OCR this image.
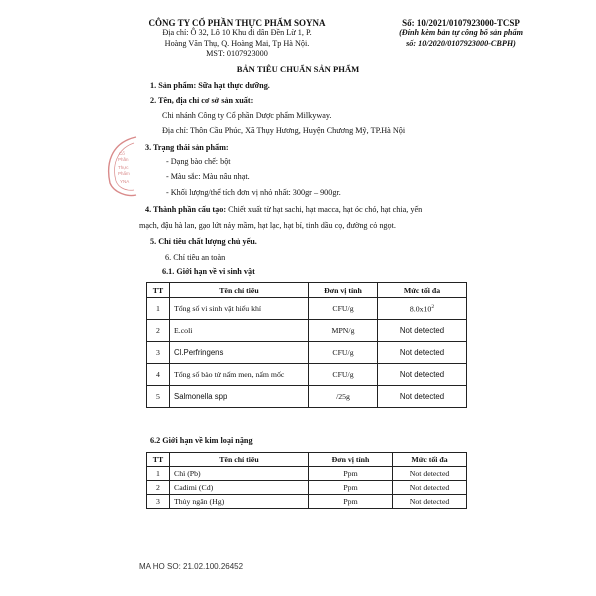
CÔNG TY CỔ PHẦN THỰC PHẨM SOYNA
Địa chỉ: Ô 32, Lô 10 Khu đi dân Đền Lừ 1, P.
Hoàng Văn Thụ, Q. Hoàng Mai, Tp Hà Nội.
MST: 0107923000
Số: 10/2021/0107923000-TCSP
(Đính kèm bản tự công bố sản phẩm
số: 10/2020/0107923000-CBPH)
BẢN TIÊU CHUẨN SẢN PHẨM
Cổ
Phần
Thực
Phẩm
YNA
1. Sản phẩm: Sữa hạt thực dưỡng.
2. Tên, địa chỉ cơ sở sản xuất:
Chi nhánh Công ty Cổ phần Dược phẩm Milkyway.
Địa chỉ: Thôn Cầu Phúc, Xã Thụy Hương, Huyện Chương Mỹ, TP.Hà Nội
3. Trạng thái sản phẩm:
- Dạng bào chế: bột
- Màu sắc: Màu nâu nhạt.
- Khối lượng/thể tích đơn vị nhỏ nhất: 300gr – 900gr.
4. Thành phần cấu tạo: Chiết xuất từ hạt sachi, hạt macca, hạt óc chó, hạt chia, yến
mạch, đậu hà lan, gạo lứt nảy mầm, hạt lạc, hạt bí, tinh dầu cọ, đường cỏ ngọt.
5. Chỉ tiêu chất lượng chủ yếu.
6. Chỉ tiêu an toàn
6.1. Giới hạn về vi sinh vật
TT	Tên chỉ tiêu	Đơn vị tính	Mức tối đa
1	Tổng số vi sinh vật hiếu khí	CFU/g	$8.0x10^2$
2	E.coli	MPN/g	Not detected
3	Cl.Perfringens	CFU/g	Not detected
4	Tổng số bào tử nấm men, nấm mốc	CFU/g	Not detected
5	Salmonella spp	/25g	Not detected
6.2 Giới hạn về kim loại nặng
TT	Tên chỉ tiêu	Đơn vị tính	Mức tối đa
1	Chì (Pb)	Ppm	Not detected
2	Cadimi (Cd)	Ppm	Not detected
3	Thủy ngân (Hg)	Ppm	Not detected
MA HO SO: 21.02.100.26452
